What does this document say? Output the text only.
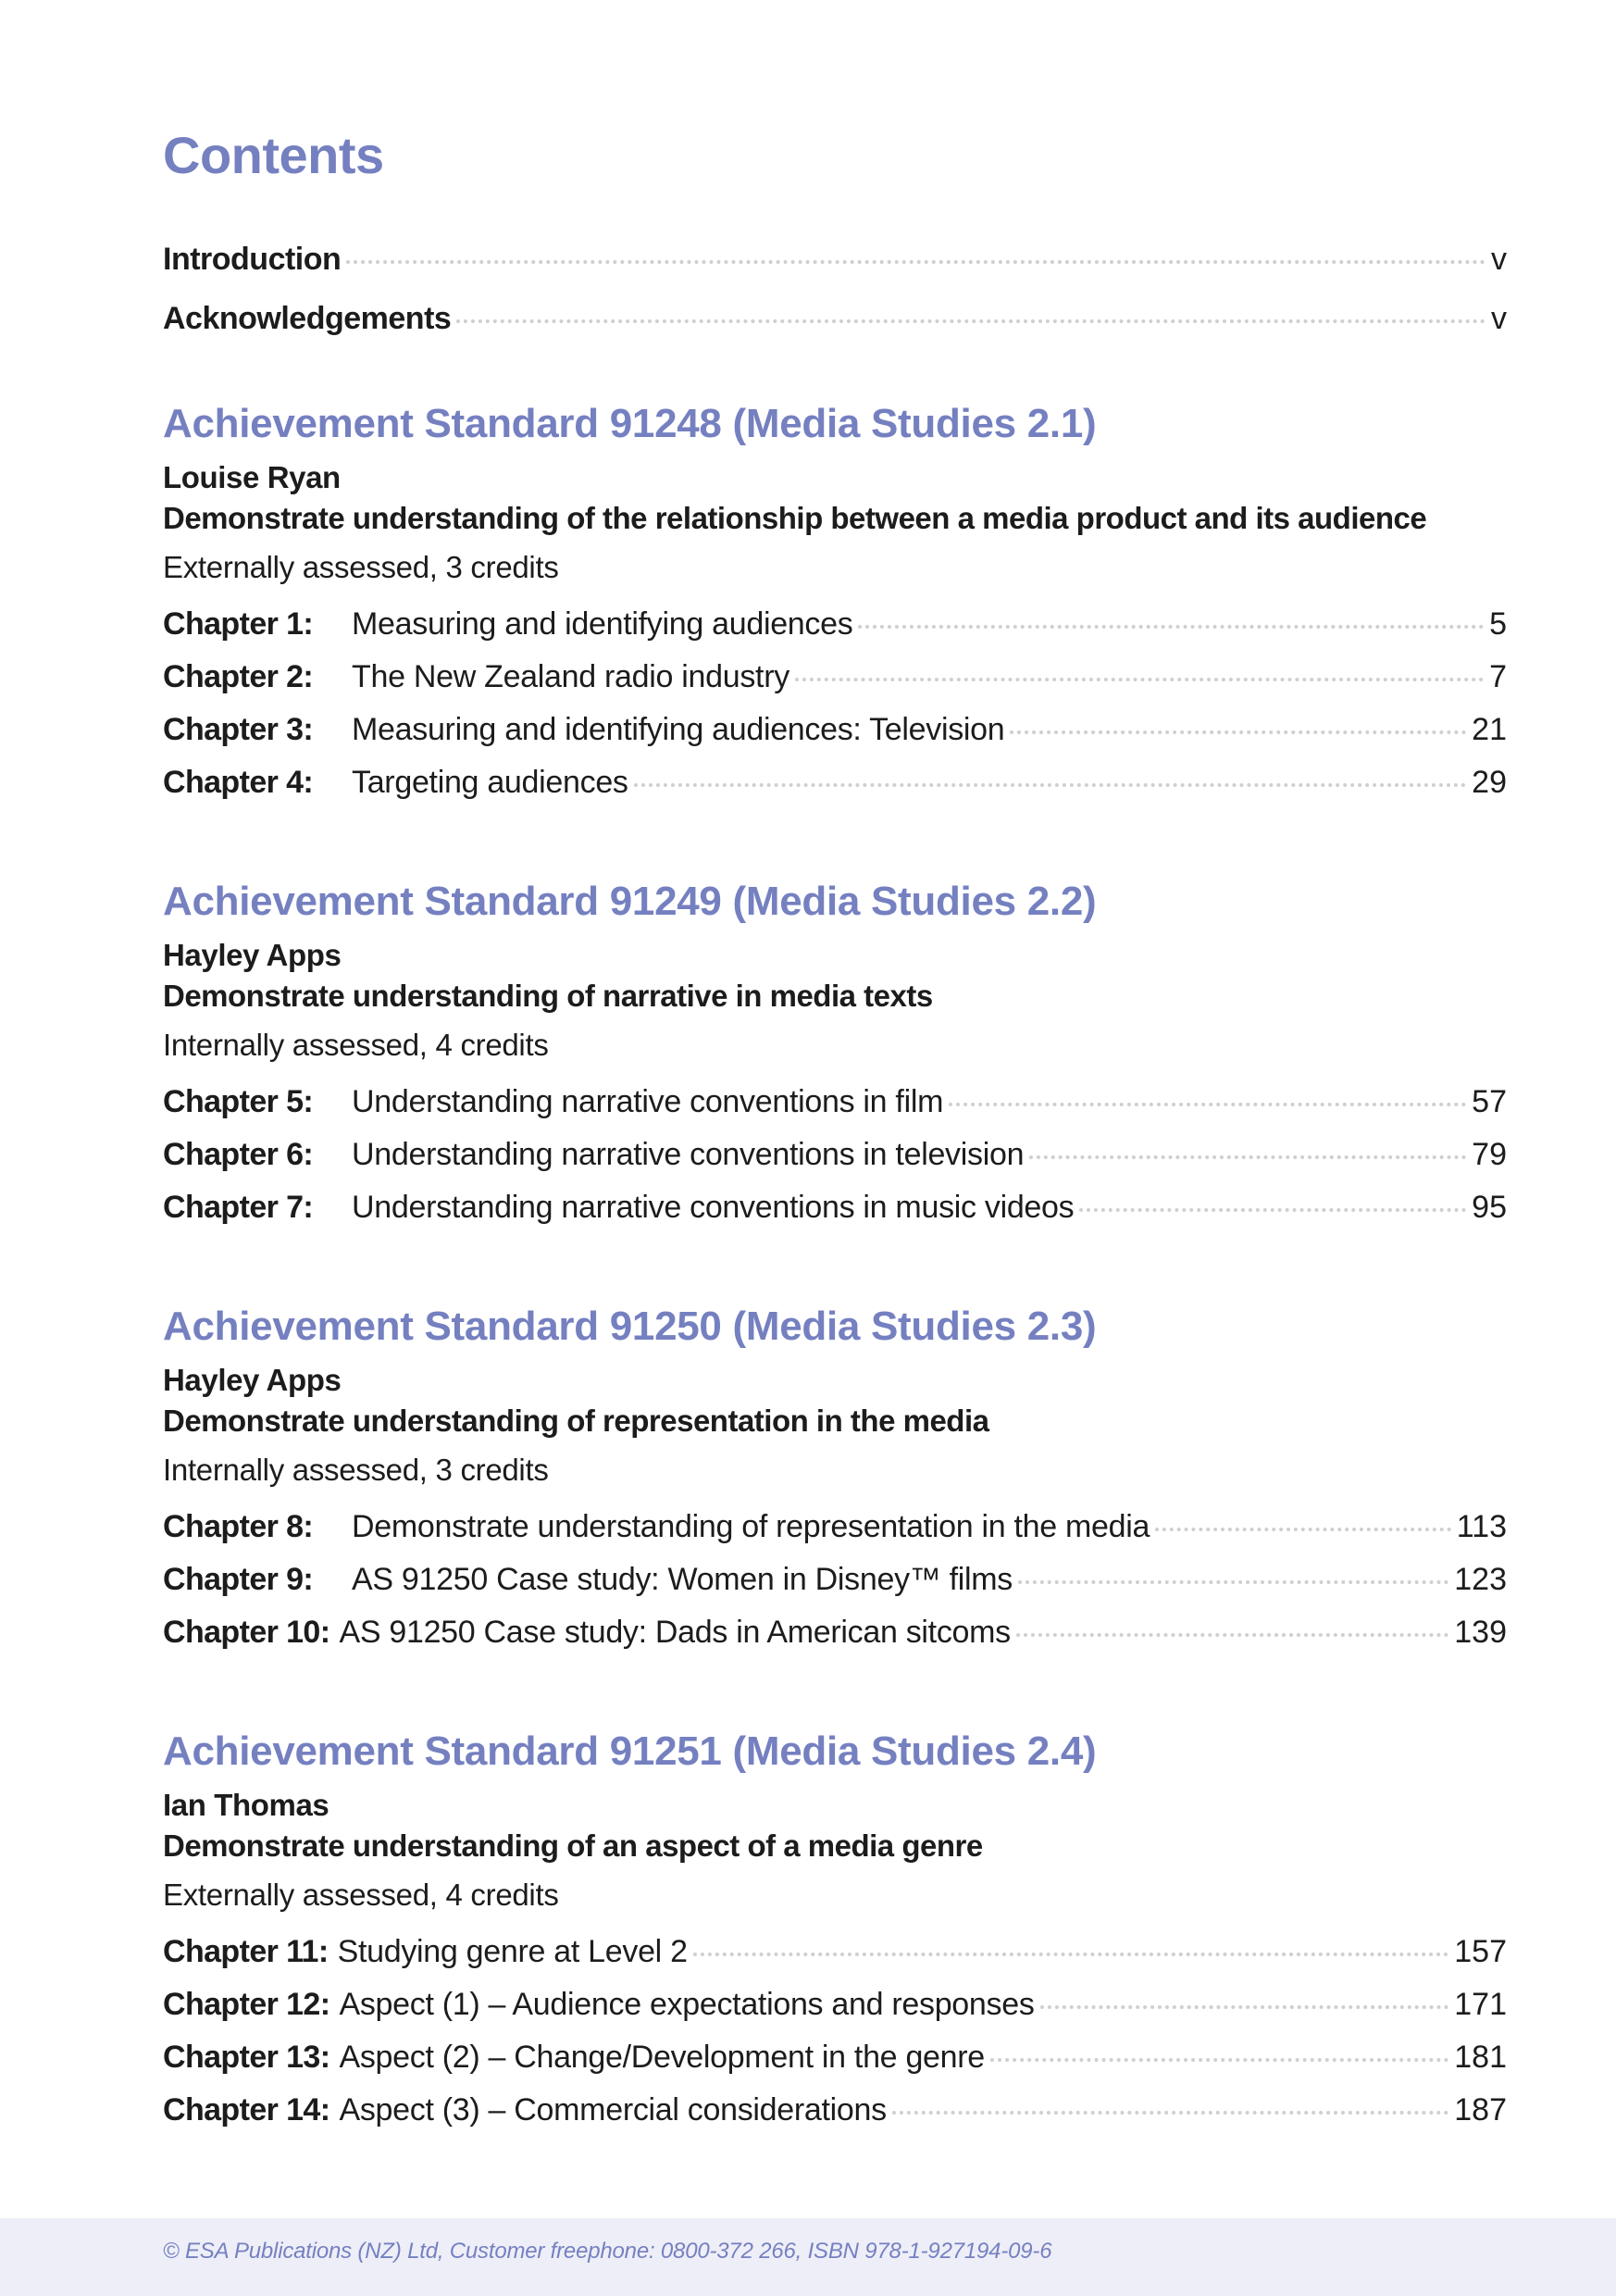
Contents
Introduction	v
Acknowledgements	v
Achievement Standard 91248 (Media Studies 2.1)
Louise Ryan
Demonstrate understanding of the relationship between a media product and its audience
Externally assessed, 3 credits
Chapter 1:	Measuring and identifying audiences	5
Chapter 2:	The New Zealand radio industry	7
Chapter 3:	Measuring and identifying audiences: Television	21
Chapter 4:	Targeting audiences	29
Achievement Standard 91249 (Media Studies 2.2)
Hayley Apps
Demonstrate understanding of narrative in media texts
Internally assessed, 4 credits
Chapter 5:	Understanding narrative conventions in film	57
Chapter 6:	Understanding narrative conventions in television	79
Chapter 7:	Understanding narrative conventions in music videos	95
Achievement Standard 91250 (Media Studies 2.3)
Hayley Apps
Demonstrate understanding of representation in the media
Internally assessed, 3 credits
Chapter 8:	Demonstrate understanding of representation in the media	113
Chapter 9:	AS 91250 Case study: Women in Disney™ films	123
Chapter 10: AS 91250 Case study: Dads in American sitcoms	139
Achievement Standard 91251 (Media Studies 2.4)
Ian Thomas
Demonstrate understanding of an aspect of a media genre
Externally assessed, 4 credits
Chapter 11: Studying genre at Level 2	157
Chapter 12: Aspect (1) – Audience expectations and responses	171
Chapter 13: Aspect (2) – Change/Development in the genre	181
Chapter 14: Aspect (3) – Commercial considerations	187
© ESA Publications (NZ) Ltd, Customer freephone: 0800-372 266, ISBN 978-1-927194-09-6
